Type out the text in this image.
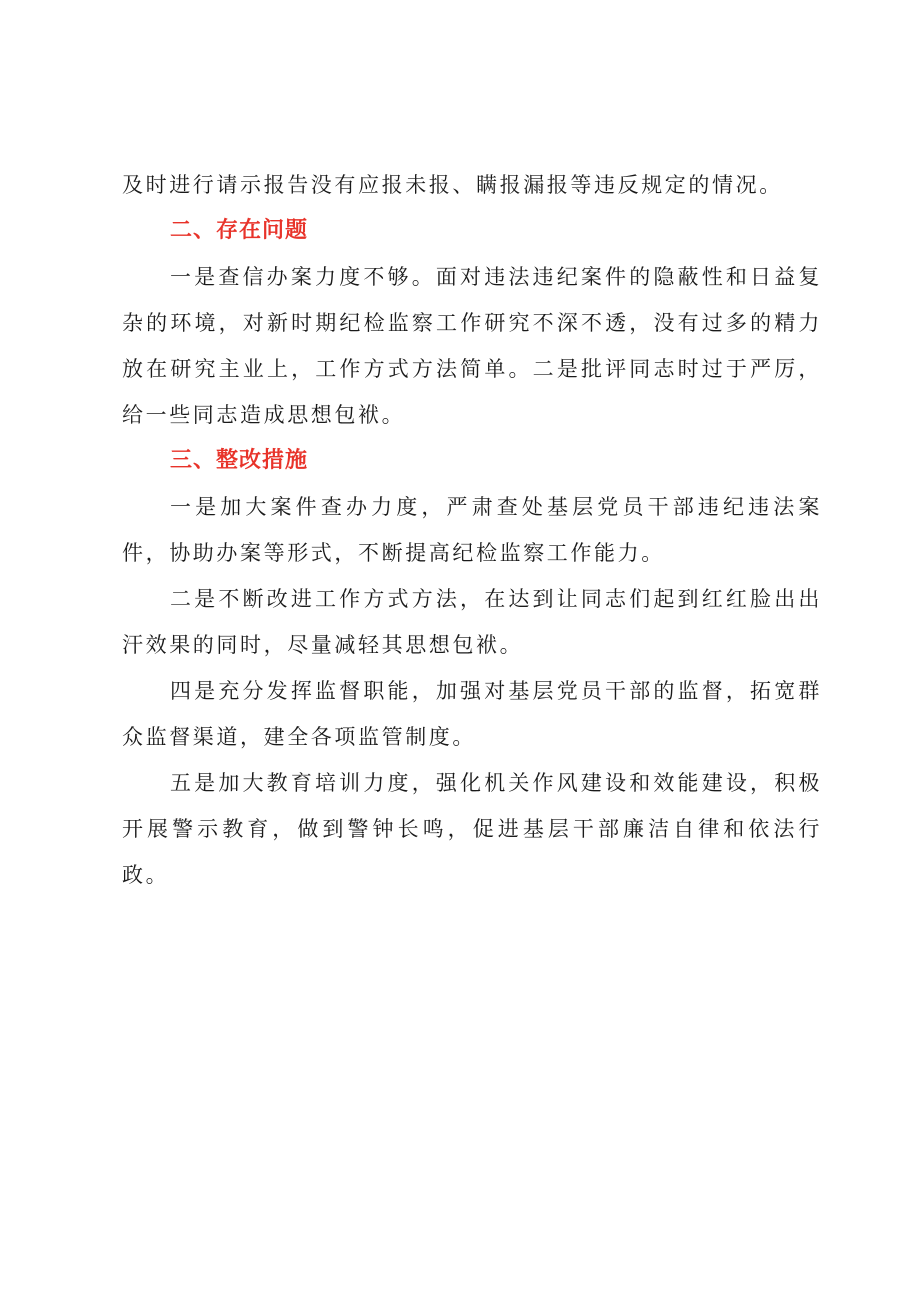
及时进行请示报告没有应报未报、瞒报漏报等违反规定的情况。

二、存在问题

一是查信办案力度不够。面对违法违纪案件的隐蔽性和日益复杂的环境，对新时期纪检监察工作研究不深不透，没有过多的精力放在研究主业上，工作方式方法简单。二是批评同志时过于严厉，给一些同志造成思想包袱。

三、整改措施

一是加大案件查办力度，严肃查处基层党员干部违纪违法案件，协助办案等形式，不断提高纪检监察工作能力。

二是不断改进工作方式方法，在达到让同志们起到红红脸出出汗效果的同时，尽量减轻其思想包袱。

四是充分发挥监督职能，加强对基层党员干部的监督，拓宽群众监督渠道，建全各项监管制度。

五是加大教育培训力度，强化机关作风建设和效能建设，积极开展警示教育，做到警钟长鸣，促进基层干部廉洁自律和依法行政。
